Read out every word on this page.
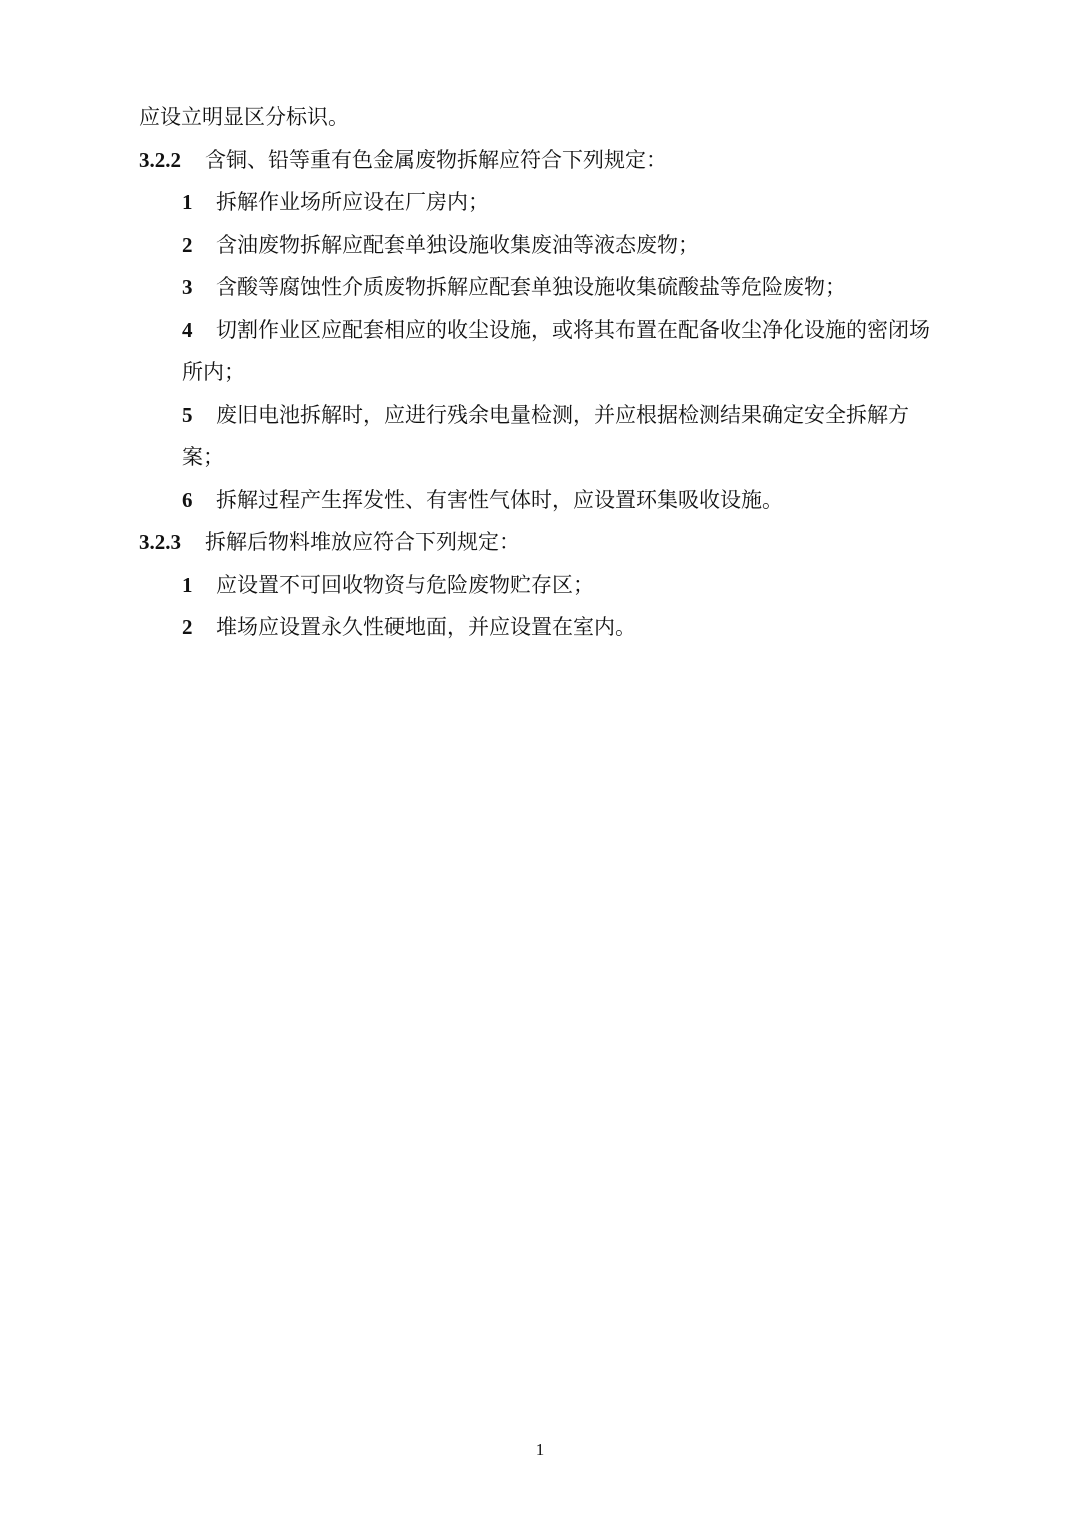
应设立明显区分标识。

3.2.2 含铜、铅等重有色金属废物拆解应符合下列规定：

1 拆解作业场所应设在厂房内；

2 含油废物拆解应配套单独设施收集废油等液态废物；

3 含酸等腐蚀性介质废物拆解应配套单独设施收集硫酸盐等危险废物；

4 切割作业区应配套相应的收尘设施，或将其布置在配备收尘净化设施的密闭场所内；

5 废旧电池拆解时，应进行残余电量检测，并应根据检测结果确定安全拆解方案；

6 拆解过程产生挥发性、有害性气体时，应设置环集吸收设施。

3.2.3 拆解后物料堆放应符合下列规定：

1 应设置不可回收物资与危险废物贮存区；

2 堆场应设置永久性硬地面，并应设置在室内。

1
